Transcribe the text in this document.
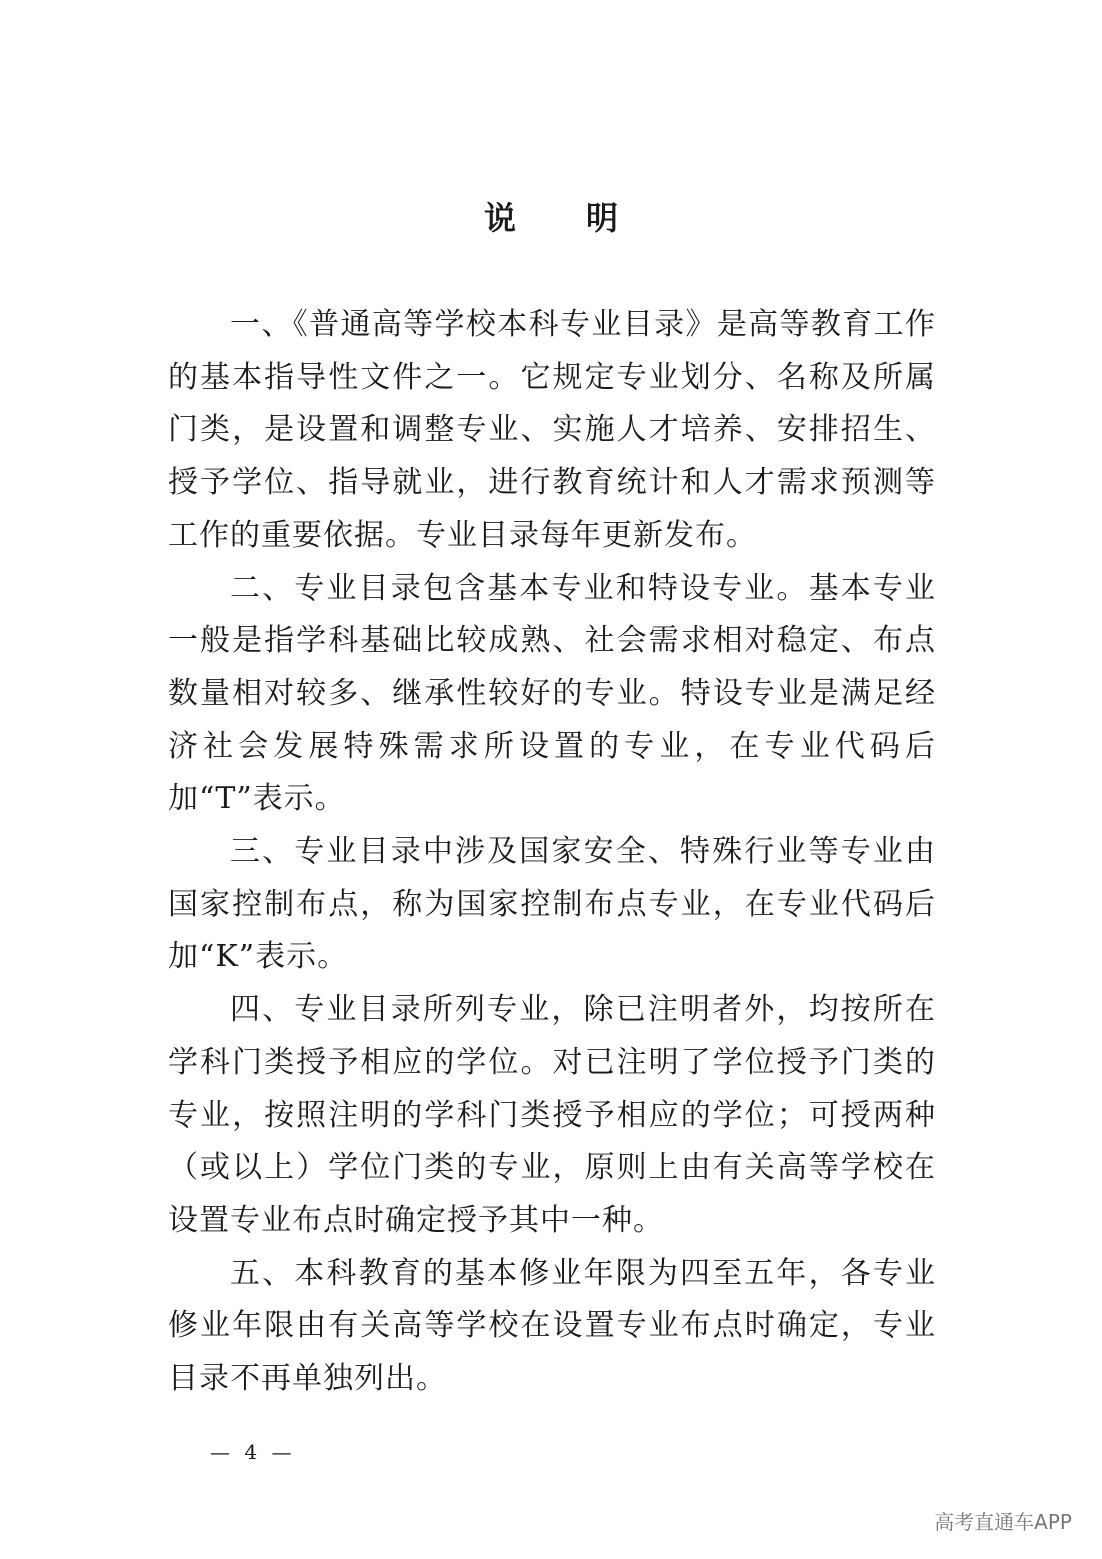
说明

一、《普通高等学校本科专业目录》是高等教育工作的基本指导性文件之一。它规定专业划分、名称及所属门类，是设置和调整专业、实施人才培养、安排招生、授予学位、指导就业，进行教育统计和人才需求预测等工作的重要依据。专业目录每年更新发布。

二、专业目录包含基本专业和特设专业。基本专业一般是指学科基础比较成熟、社会需求相对稳定、布点数量相对较多、继承性较好的专业。特设专业是满足经济社会发展特殊需求所设置的专业，在专业代码后加“T”表示。

三、专业目录中涉及国家安全、特殊行业等专业由国家控制布点，称为国家控制布点专业，在专业代码后加“K”表示。

四、专业目录所列专业，除已注明者外，均按所在学科门类授予相应的学位。对已注明了学位授予门类的专业，按照注明的学科门类授予相应的学位；可授两种（或以上）学位门类的专业，原则上由有关高等学校在设置专业布点时确定授予其中一种。

五、本科教育的基本修业年限为四至五年，各专业修业年限由有关高等学校在设置专业布点时确定，专业目录不再单独列出。

— 4 —
高考直通车APP
